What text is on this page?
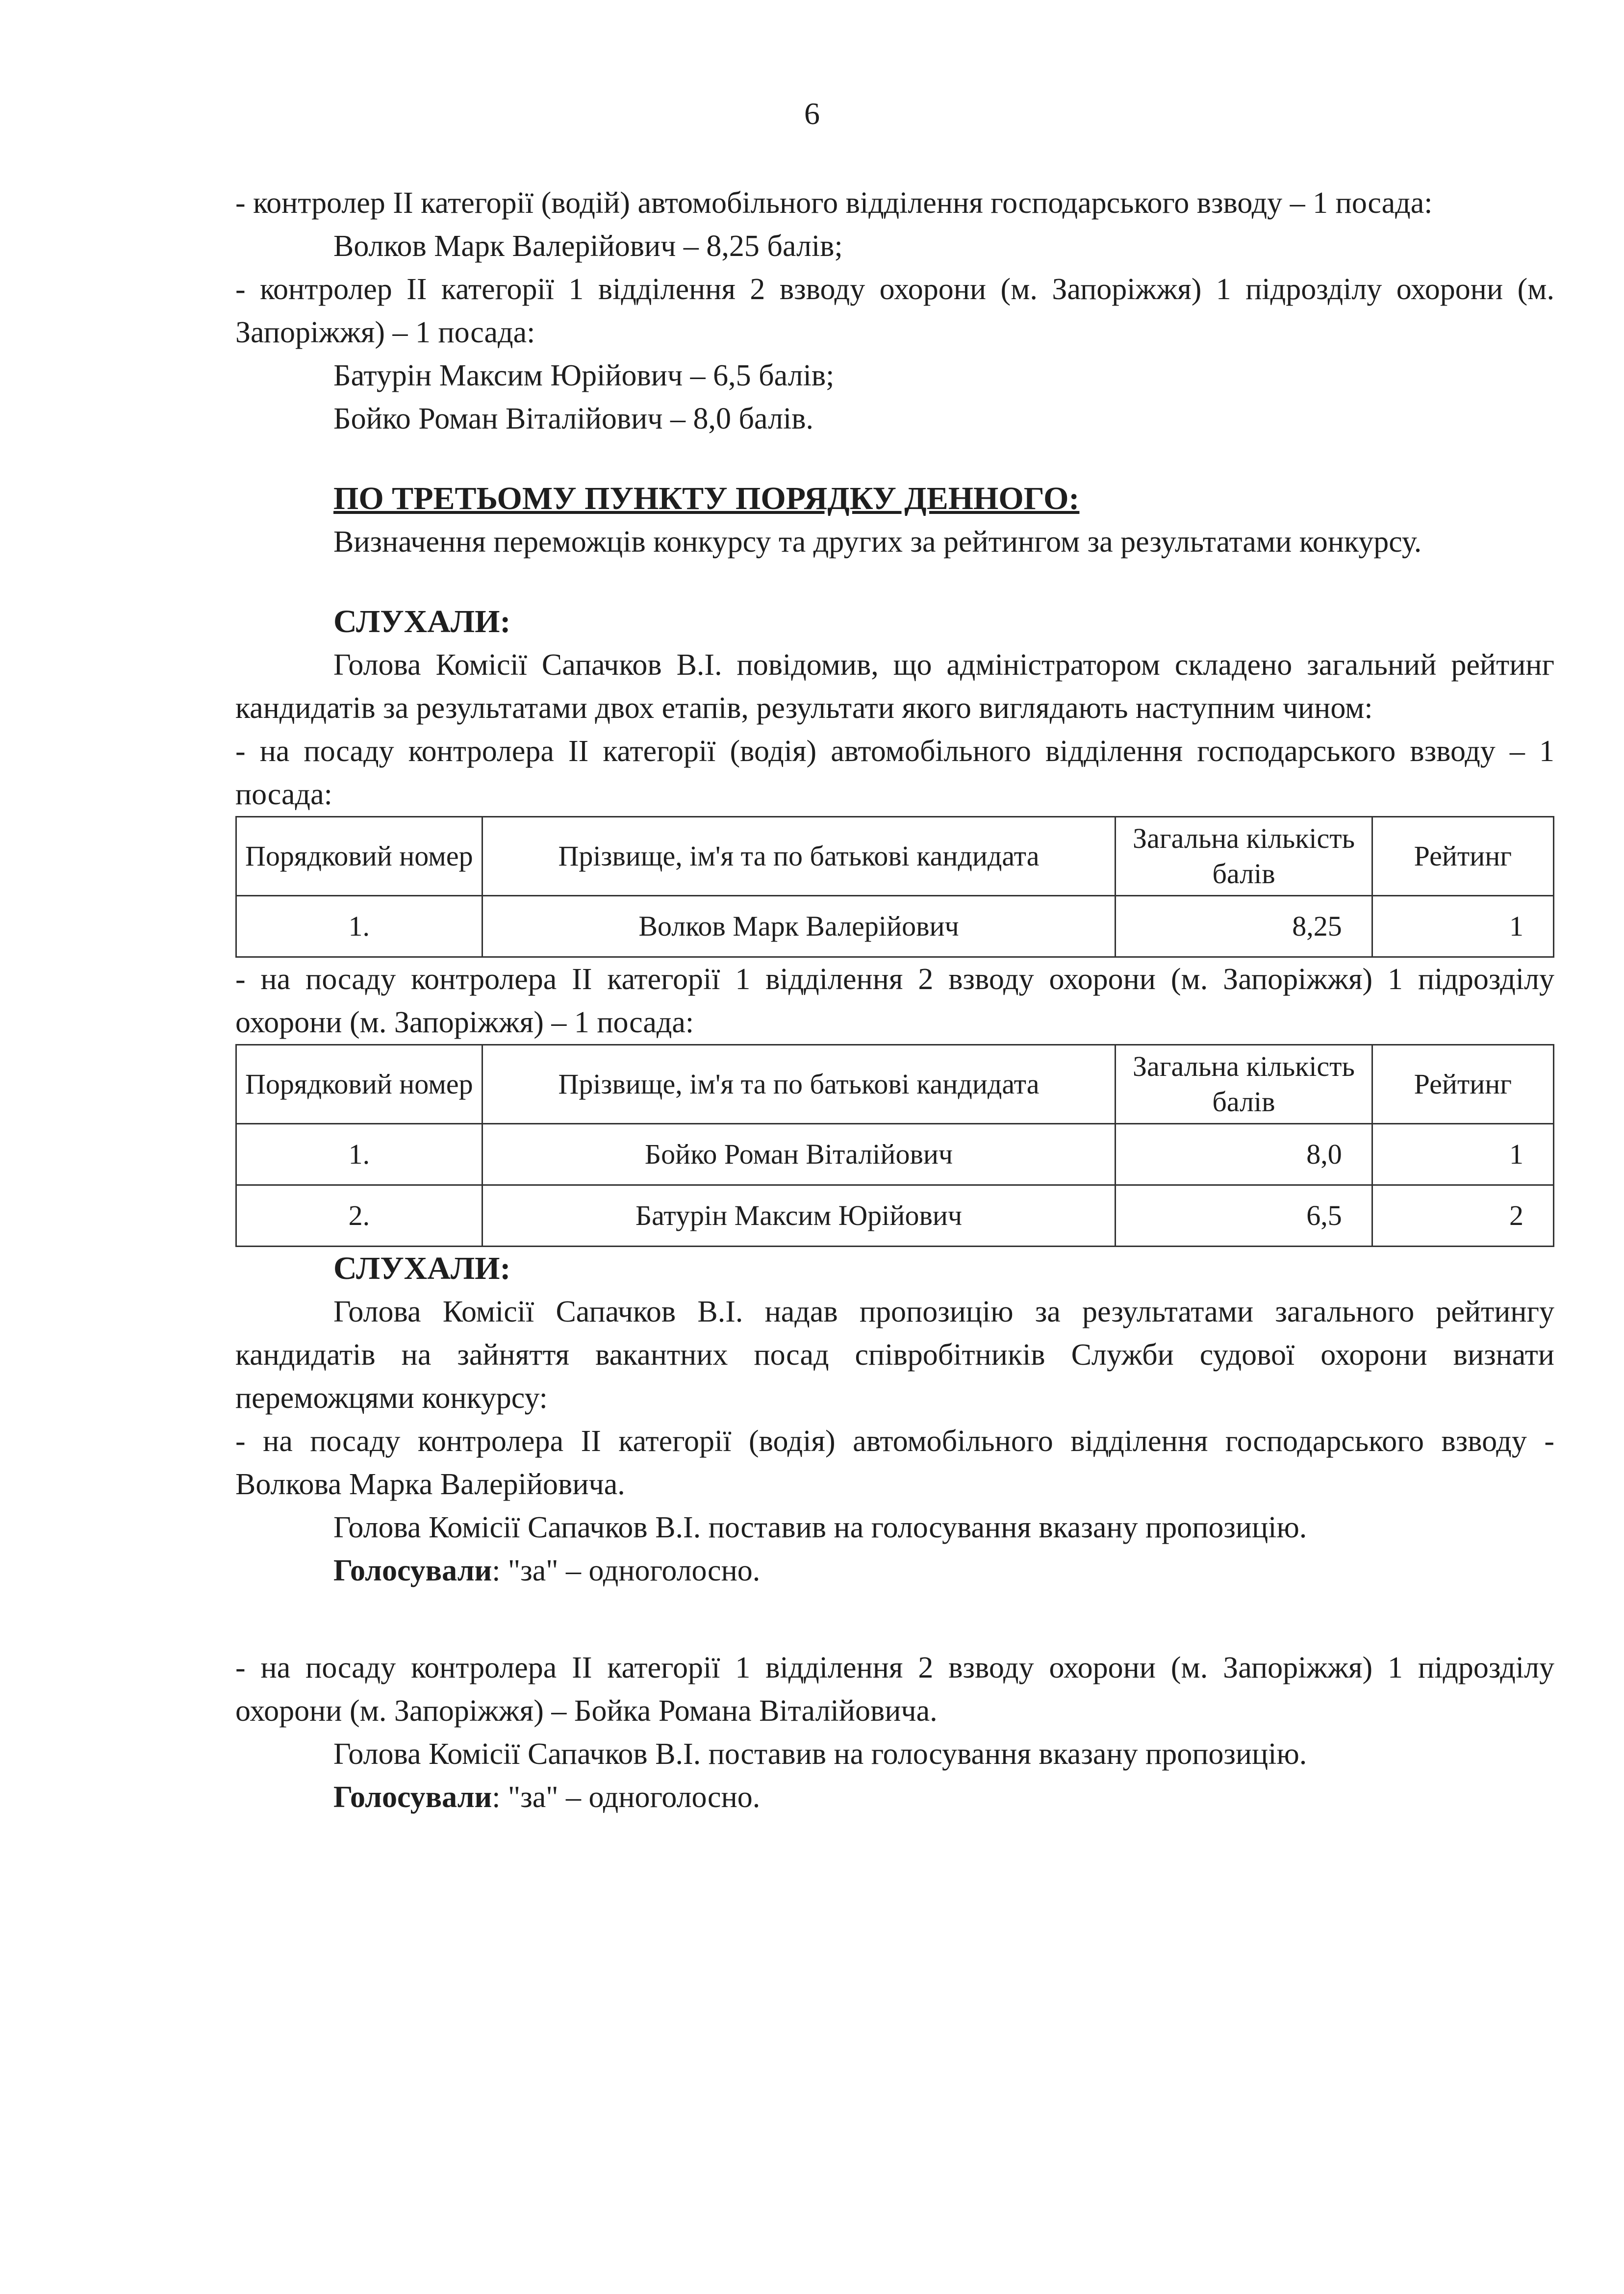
6

- контролер ІІ категорії (водій) автомобільного відділення господарського взводу – 1 посада:

Волков Марк Валерійович – 8,25 балів;

- контролер ІІ категорії 1 відділення 2 взводу охорони (м. Запоріжжя) 1 підрозділу охорони (м. Запоріжжя) – 1 посада:

Батурін Максим Юрійович – 6,5 балів;

Бойко Роман Віталійович – 8,0 балів.

ПО ТРЕТЬОМУ ПУНКТУ ПОРЯДКУ ДЕННОГО:

Визначення переможців конкурсу та других за рейтингом за результатами конкурсу.

СЛУХАЛИ:

Голова Комісії Сапачков В.І. повідомив, що адміністратором складено загальний рейтинг кандидатів за результатами двох етапів, результати якого виглядають наступним чином:

- на посаду контролера ІІ категорії (водія) автомобільного відділення господарського взводу – 1 посада:

Порядковий номер	Прізвище, ім'я та по батькові кандидата	Загальна кількість балів	Рейтинг
1.	Волков Марк Валерійович	8,25	1

- на посаду контролера ІІ категорії 1 відділення 2 взводу охорони (м. Запоріжжя) 1 підрозділу охорони (м. Запоріжжя) – 1 посада:

Порядковий номер	Прізвище, ім'я та по батькові кандидата	Загальна кількість балів	Рейтинг
1.	Бойко Роман Віталійович	8,0	1
2.	Батурін Максим Юрійович	6,5	2

СЛУХАЛИ:

Голова Комісії Сапачков В.І. надав пропозицію за результатами загального рейтингу кандидатів на зайняття вакантних посад співробітників Служби судової охорони визнати переможцями конкурсу:

- на посаду контролера ІІ категорії (водія) автомобільного відділення господарського взводу - Волкова Марка Валерійовича.

Голова Комісії Сапачков В.І. поставив на голосування вказану пропозицію.

Голосували: "за" – одноголосно.

- на посаду контролера ІІ категорії 1 відділення 2 взводу охорони (м. Запоріжжя) 1 підрозділу охорони (м. Запоріжжя) – Бойка Романа Віталійовича.

Голова Комісії Сапачков В.І. поставив на голосування вказану пропозицію.

Голосували: "за" – одноголосно.
